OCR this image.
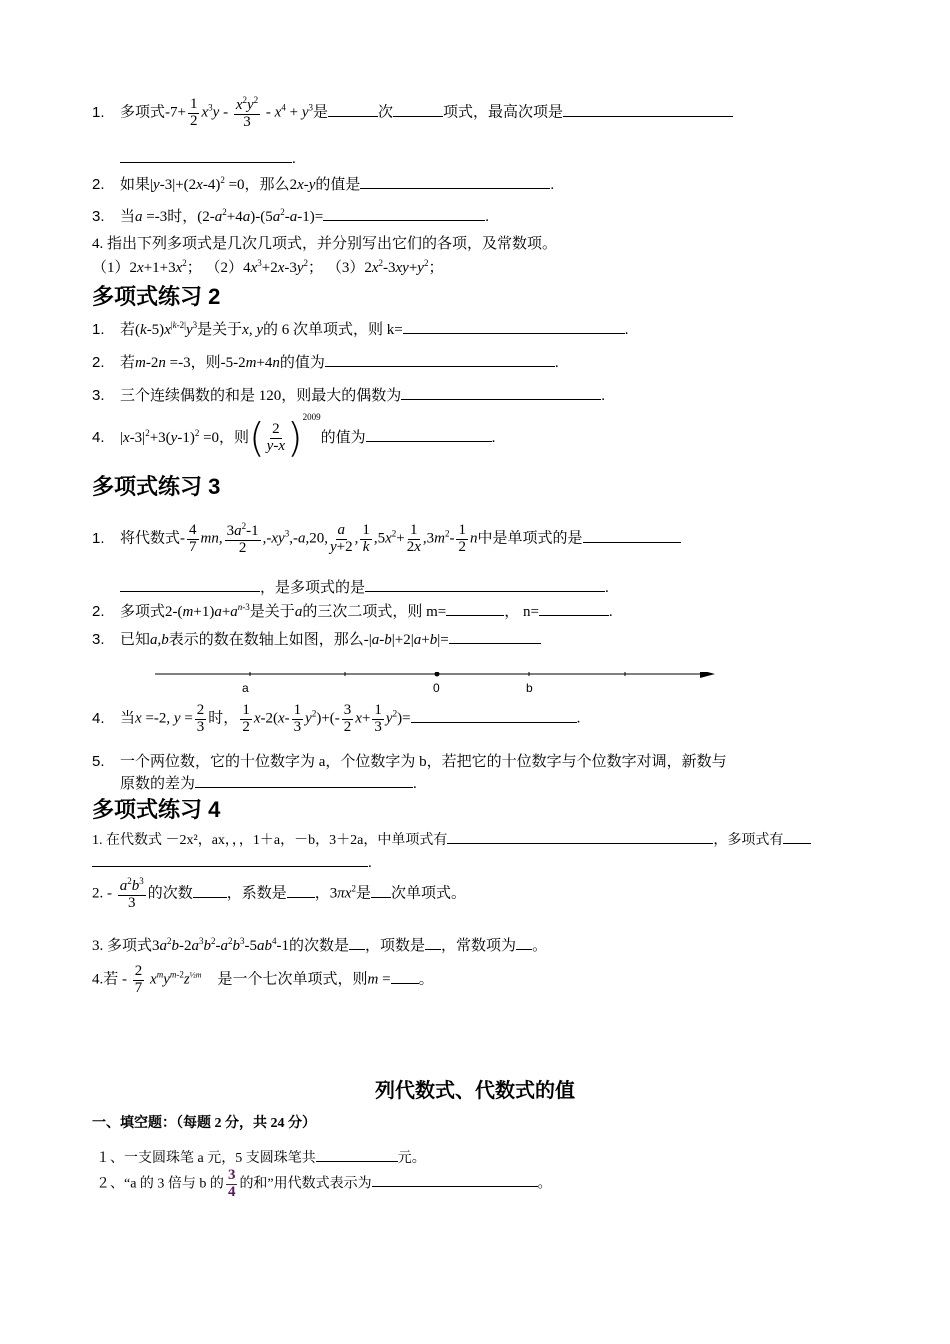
1. 多项式$-7+ \frac{1}{2} x^3y - \frac{x^2y^2}{3} - x^4 + y^3$是	次	项式，最高次项是
.
2. 如果$|y-3|+(2x-4)^2 =0$，那么2x-y的值是	.
3. 当a =-3时，$(2-a^2+4a)-(5a^2-a-1)=$	.
4. 指出下列多项式是几次几项式，并分别写出它们的各项，及常数项。
$(1)2x+1+3x^2$； $(2)4x^3+2x-3y^2$； $(3)2x^2-3xy+y^2$；
多项式练习 2
1. 若$(k-5)x^{|k-2|}y^3$是关于x, y的 6 次单项式，则 k=	.
2. 若m-2n =-3，则-5-2m+4n的值为	.
3. 三个连续偶数的和是 120，则最大的偶数为	.
4. $|x-3|^2+3(y-1)^2 =0$，则( $\frac{2}{y-x} )^{2009}$的值为	.
多项式练习 3
1. 将代数式- $\frac{4}{7}$ mn, $\frac{3a^2-1}{2} ,-xy^3,-a,20$, $\frac{a}{y+2}$ , $\frac{1}{k} ,5x^2+ \frac{1}{2x} ,3m^2- \frac{1}{2}$ n中是单项式的是
，是多项式的是	.
2. 多项式$2-(m+1)a+a^{n-3}$是关于a的三次二项式，则 m=	， n=	.
3. 已知a,b表示的数在数轴上如图，那么-|a-b|+2|a+b|=
a	0	b
4. 当x =-2, $y = \frac{2}{3}$ 时， $\frac{1}{2} x-2(x- \frac{1}{3} y^2)+(- \frac{3}{2} x+ \frac{1}{3} y^2)=$	.
5. 一个两位数，它的十位数字为 a，个位数字为 b，若把它的十位数字与个位数字对调，新数与
原数的差为	.
多项式练习 4
1. 在代数式 －2x²，ax，，，1＋a，－b，3＋2a，中单项式有	，多项式有
.
2. - $\frac{a^2b^3}{3}$ 的次数 ，系数是 ，$3\pi x^2$是 次单项式。
3. 多项式$3a^2b-2a^3b^2-a^2b^3-5ab^4-1$的次数是 ，项数是 ，常数项为 。
4.若 - $\frac{2}{7} x^my^{m-2}z^{\frac{1}{2}m}$ 是一个七次单项式，则m = 。
列代数式、代数式的值
一、填空题：（每题 2 分，共 24 分）
１、一支圆珠笔 a 元，5 支圆珠笔共	元。
２、“a 的 3 倍与 b 的 $\frac{3}{4}$ 的和”用代数式表示为	。
